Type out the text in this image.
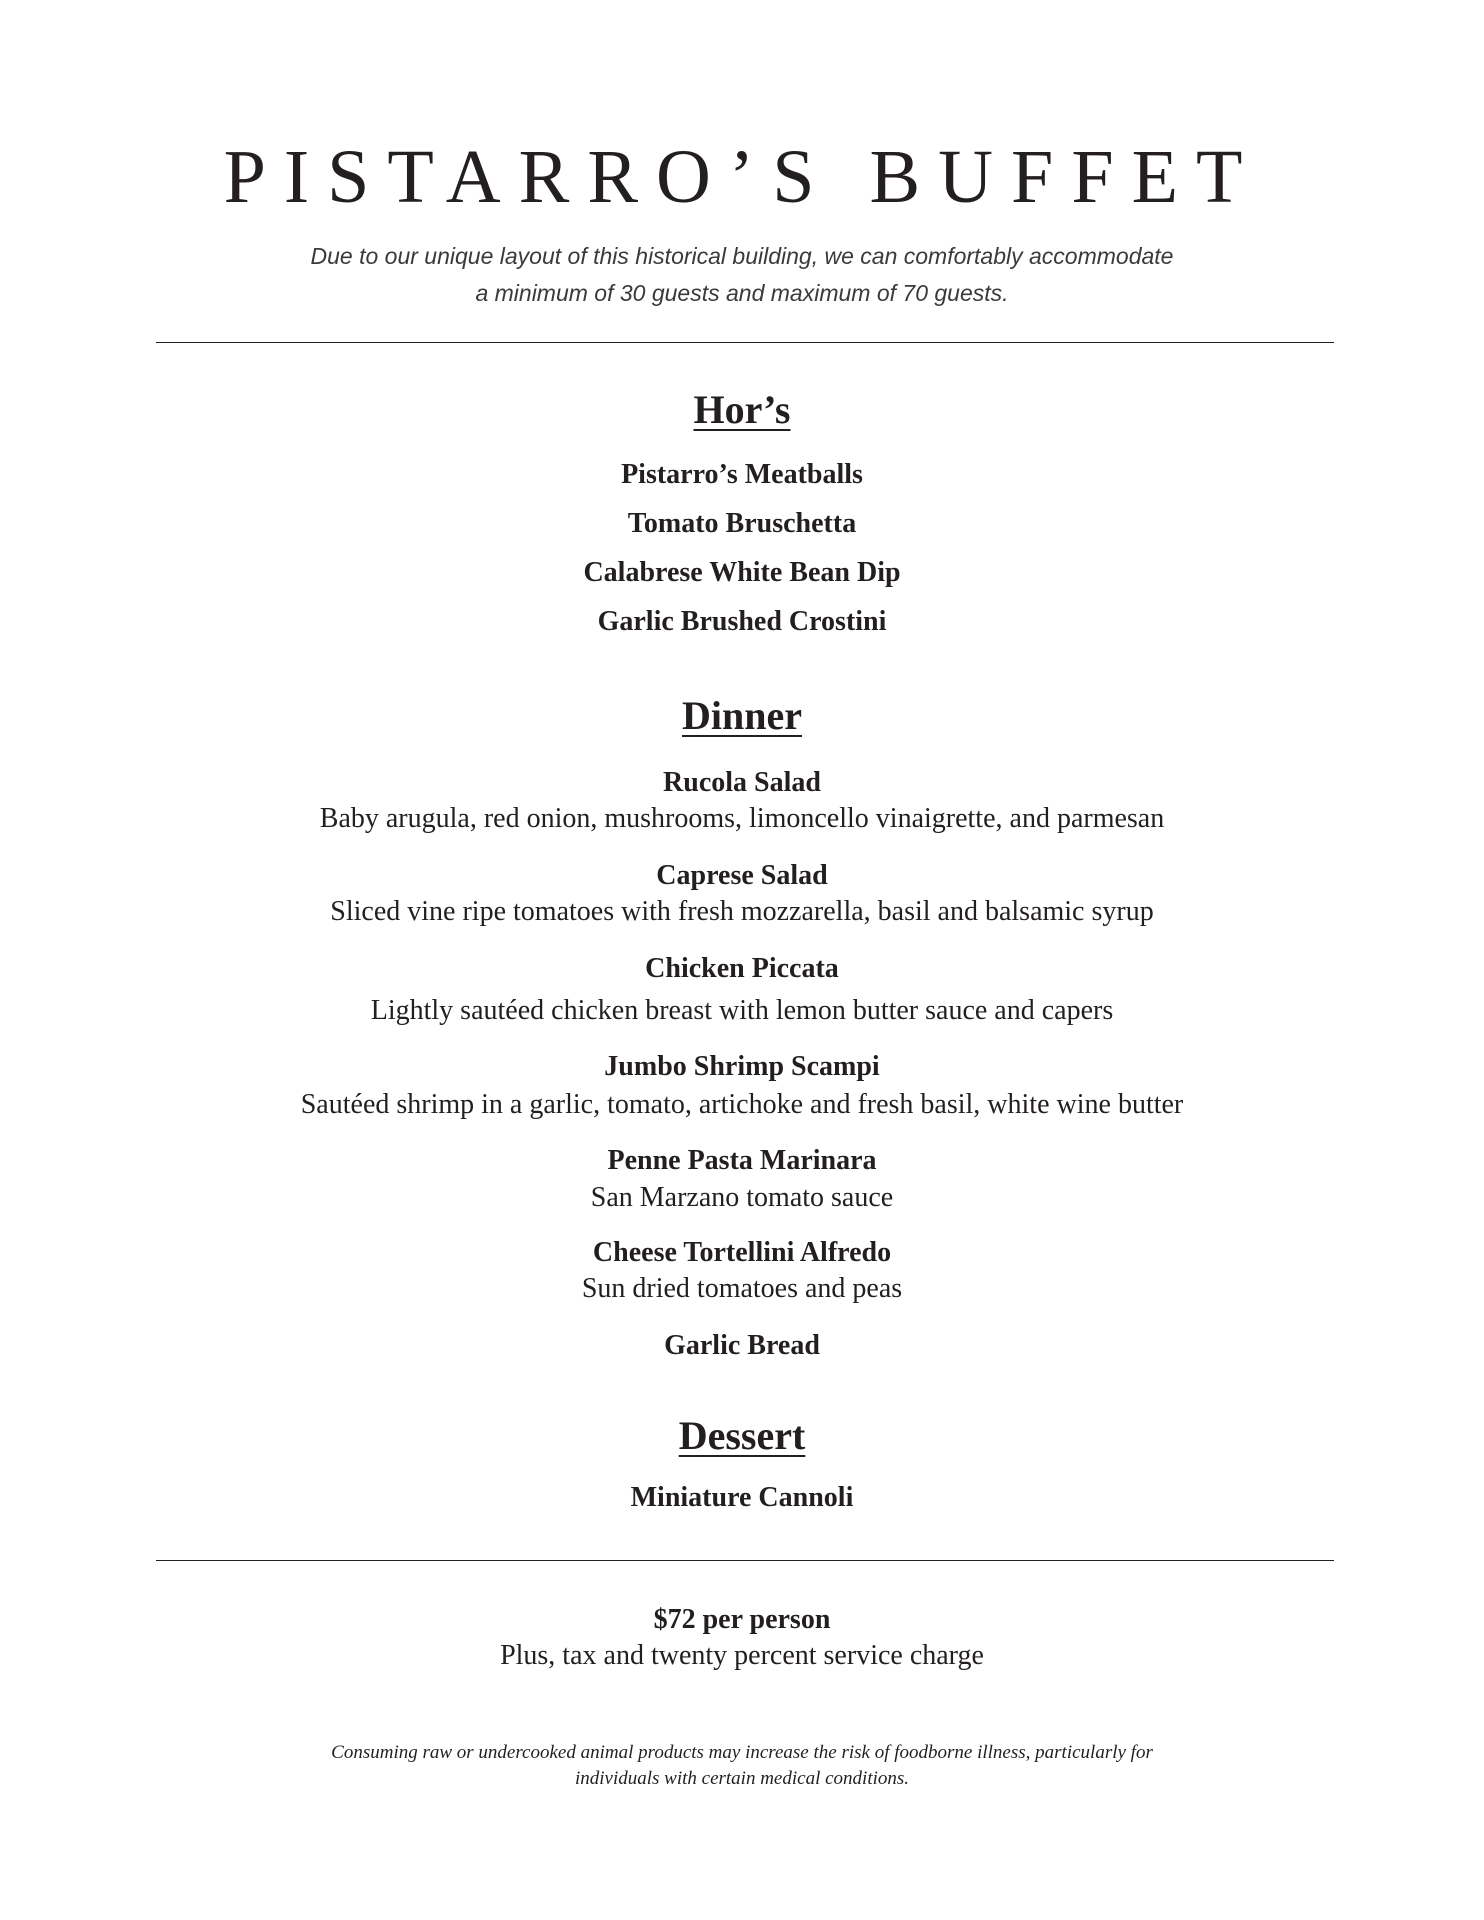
PISTARRO’S BUFFET
Due to our unique layout of this historical building, we can comfortably accommodate
a minimum of 30 guests and maximum of 70 guests.
Hor’s
Pistarro’s Meatballs
Tomato Bruschetta
Calabrese White Bean Dip
Garlic Brushed Crostini
Dinner
Rucola Salad
Baby arugula, red onion, mushrooms, limoncello vinaigrette, and parmesan
Caprese Salad
Sliced vine ripe tomatoes with fresh mozzarella, basil and balsamic syrup
Chicken Piccata
Lightly sautéed chicken breast with lemon butter sauce and capers
Jumbo Shrimp Scampi
Sautéed shrimp in a garlic, tomato, artichoke and fresh basil, white wine butter
Penne Pasta Marinara
San Marzano tomato sauce
Cheese Tortellini Alfredo
Sun dried tomatoes and peas
Garlic Bread
Dessert
Miniature Cannoli
$72 per person
Plus, tax and twenty percent service charge
Consuming raw or undercooked animal products may increase the risk of foodborne illness, particularly for
individuals with certain medical conditions.
